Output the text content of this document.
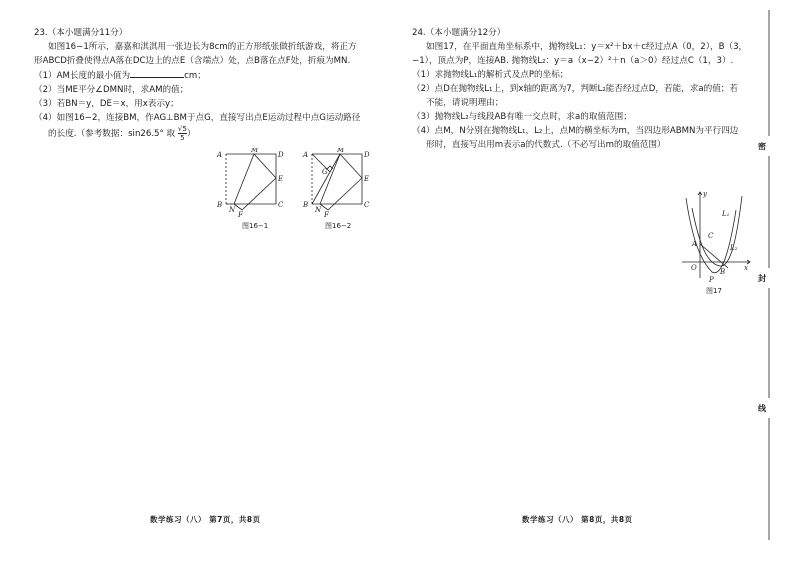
23.（本小题满分11分）
如图16−1所示，嘉嘉和淇淇用一张边长为8cm的正方形纸张做折纸游戏，将正方
形ABCD折叠使得点A落在DC边上的点E（含端点）处，点B落在点F处，折痕为MN.
（1）AM长度的最小值为	cm；
（2）当ME平分∠DMN时，求AM的值；
（3）若BN＝y，DE＝x，用x表示y；
（4）如图16−2，连接BM，作AG⊥BM于点G，直接写出点E运动过程中点G运动路径
的长度.（参考数据：sin26.5° 取 $\frac{√5}{5}$ ）
A
M
D
E
B
N
F
C
图16−1
A
M
D
G
E
B
N
F
C
图16−2
数学练习（八） 第7页，共8页
24.（本小题满分12分）
如图17，在平面直角坐标系中，抛物线L₁：y＝x²＋bx＋c经过点A（0，2），B（3，
−1），顶点为P，连接AB. 抛物线L₂：y＝a（x−2）²＋n（a＞0）经过点C（1，3）.
（1）求抛物线L₁的解析式及点P的坐标；
（2）点D在抛物线L₁上，到x轴的距离为7，判断L₂能否经过点D，若能，求a的值；若
不能，请说明理由；
（3）抛物线L₂与线段AB有唯一交点时，求a的取值范围；
（4）点M，N分别在抛物线L₁，L₂上，点M的横坐标为m，当四边形ABMN为平行四边
形时，直接写出用m表示a的代数式.（不必写出m的取值范围）
y
x
O
A
B
C
P
L₁
L₂
图17
数学练习（八） 第8页，共8页
密
封
线
